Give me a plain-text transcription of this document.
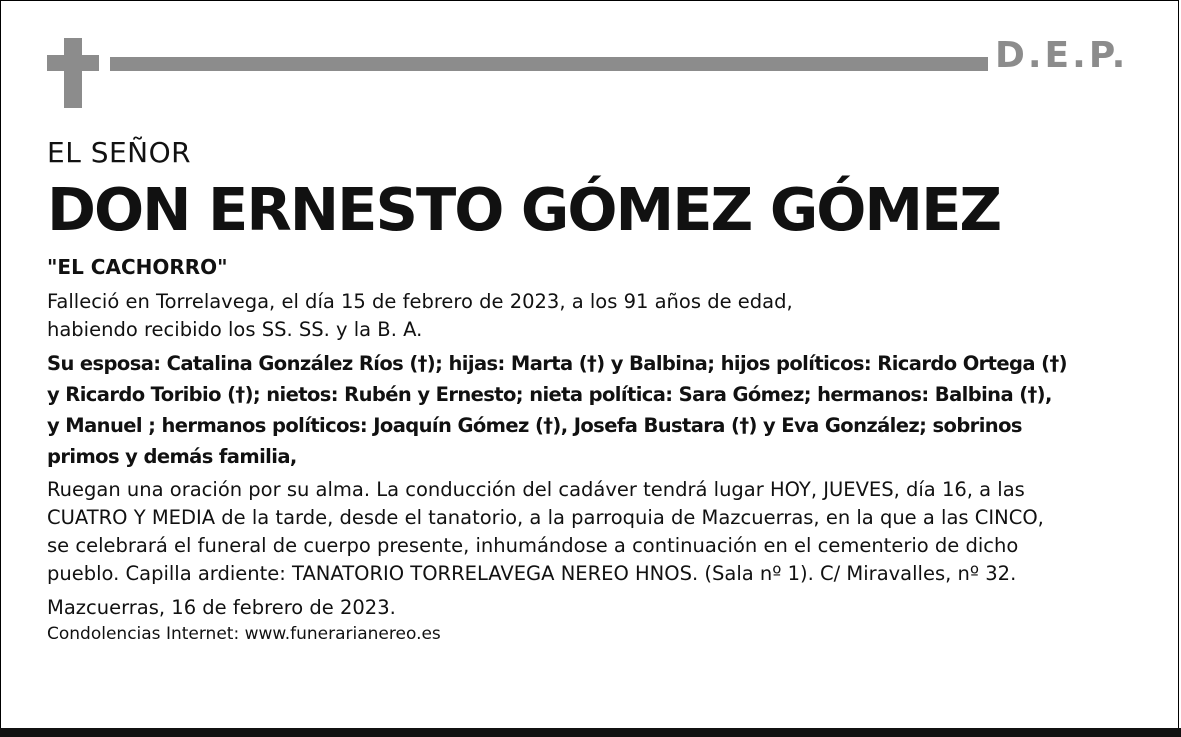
D.E.P.

EL SEÑOR

DON ERNESTO GÓMEZ GÓMEZ

"EL CACHORRO"

Falleció en Torrelavega, el día 15 de febrero de 2023, a los 91 años de edad,

habiendo recibido los SS. SS. y la B. A.

Su esposa: Catalina González Ríos (†); hijas: Marta (†) y Balbina; hijos políticos: Ricardo Ortega (†)

y Ricardo Toribio (†); nietos: Rubén y Ernesto; nieta política: Sara Gómez; hermanos: Balbina (†),

y Manuel ; hermanos políticos: Joaquín Gómez (†), Josefa Bustara (†) y Eva González; sobrinos

primos y demás familia,

Ruegan una oración por su alma. La conducción del cadáver tendrá lugar HOY, JUEVES, día 16, a las

CUATRO Y MEDIA de la tarde, desde el tanatorio, a la parroquia de Mazcuerras, en la que a las CINCO,

se celebrará el funeral de cuerpo presente, inhumándose a continuación en el cementerio de dicho

pueblo. Capilla ardiente: TANATORIO TORRELAVEGA NEREO HNOS. (Sala nº 1). C/ Miravalles, nº 32.

Mazcuerras, 16 de febrero de 2023.

Condolencias Internet: www.funerarianereo.es
